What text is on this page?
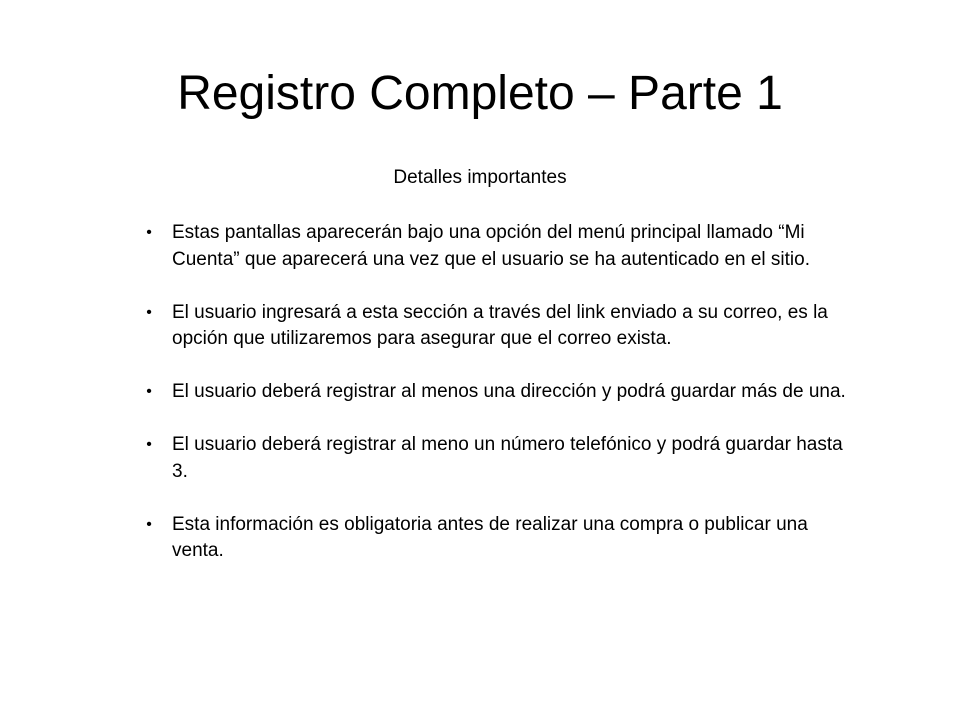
Registro Completo – Parte 1
Detalles importantes
• Estas pantallas aparecerán bajo una opción del menú principal llamado “Mi Cuenta” que aparecerá una vez que el usuario se ha autenticado en el sitio.
• El usuario ingresará a esta sección a través del link enviado a su correo, es la opción que utilizaremos para asegurar que el correo exista.
• El usuario deberá registrar al menos una dirección y podrá guardar más de una.
• El usuario deberá registrar al meno un número telefónico y podrá guardar hasta 3.
• Esta información es obligatoria antes de realizar una compra o publicar una venta.
